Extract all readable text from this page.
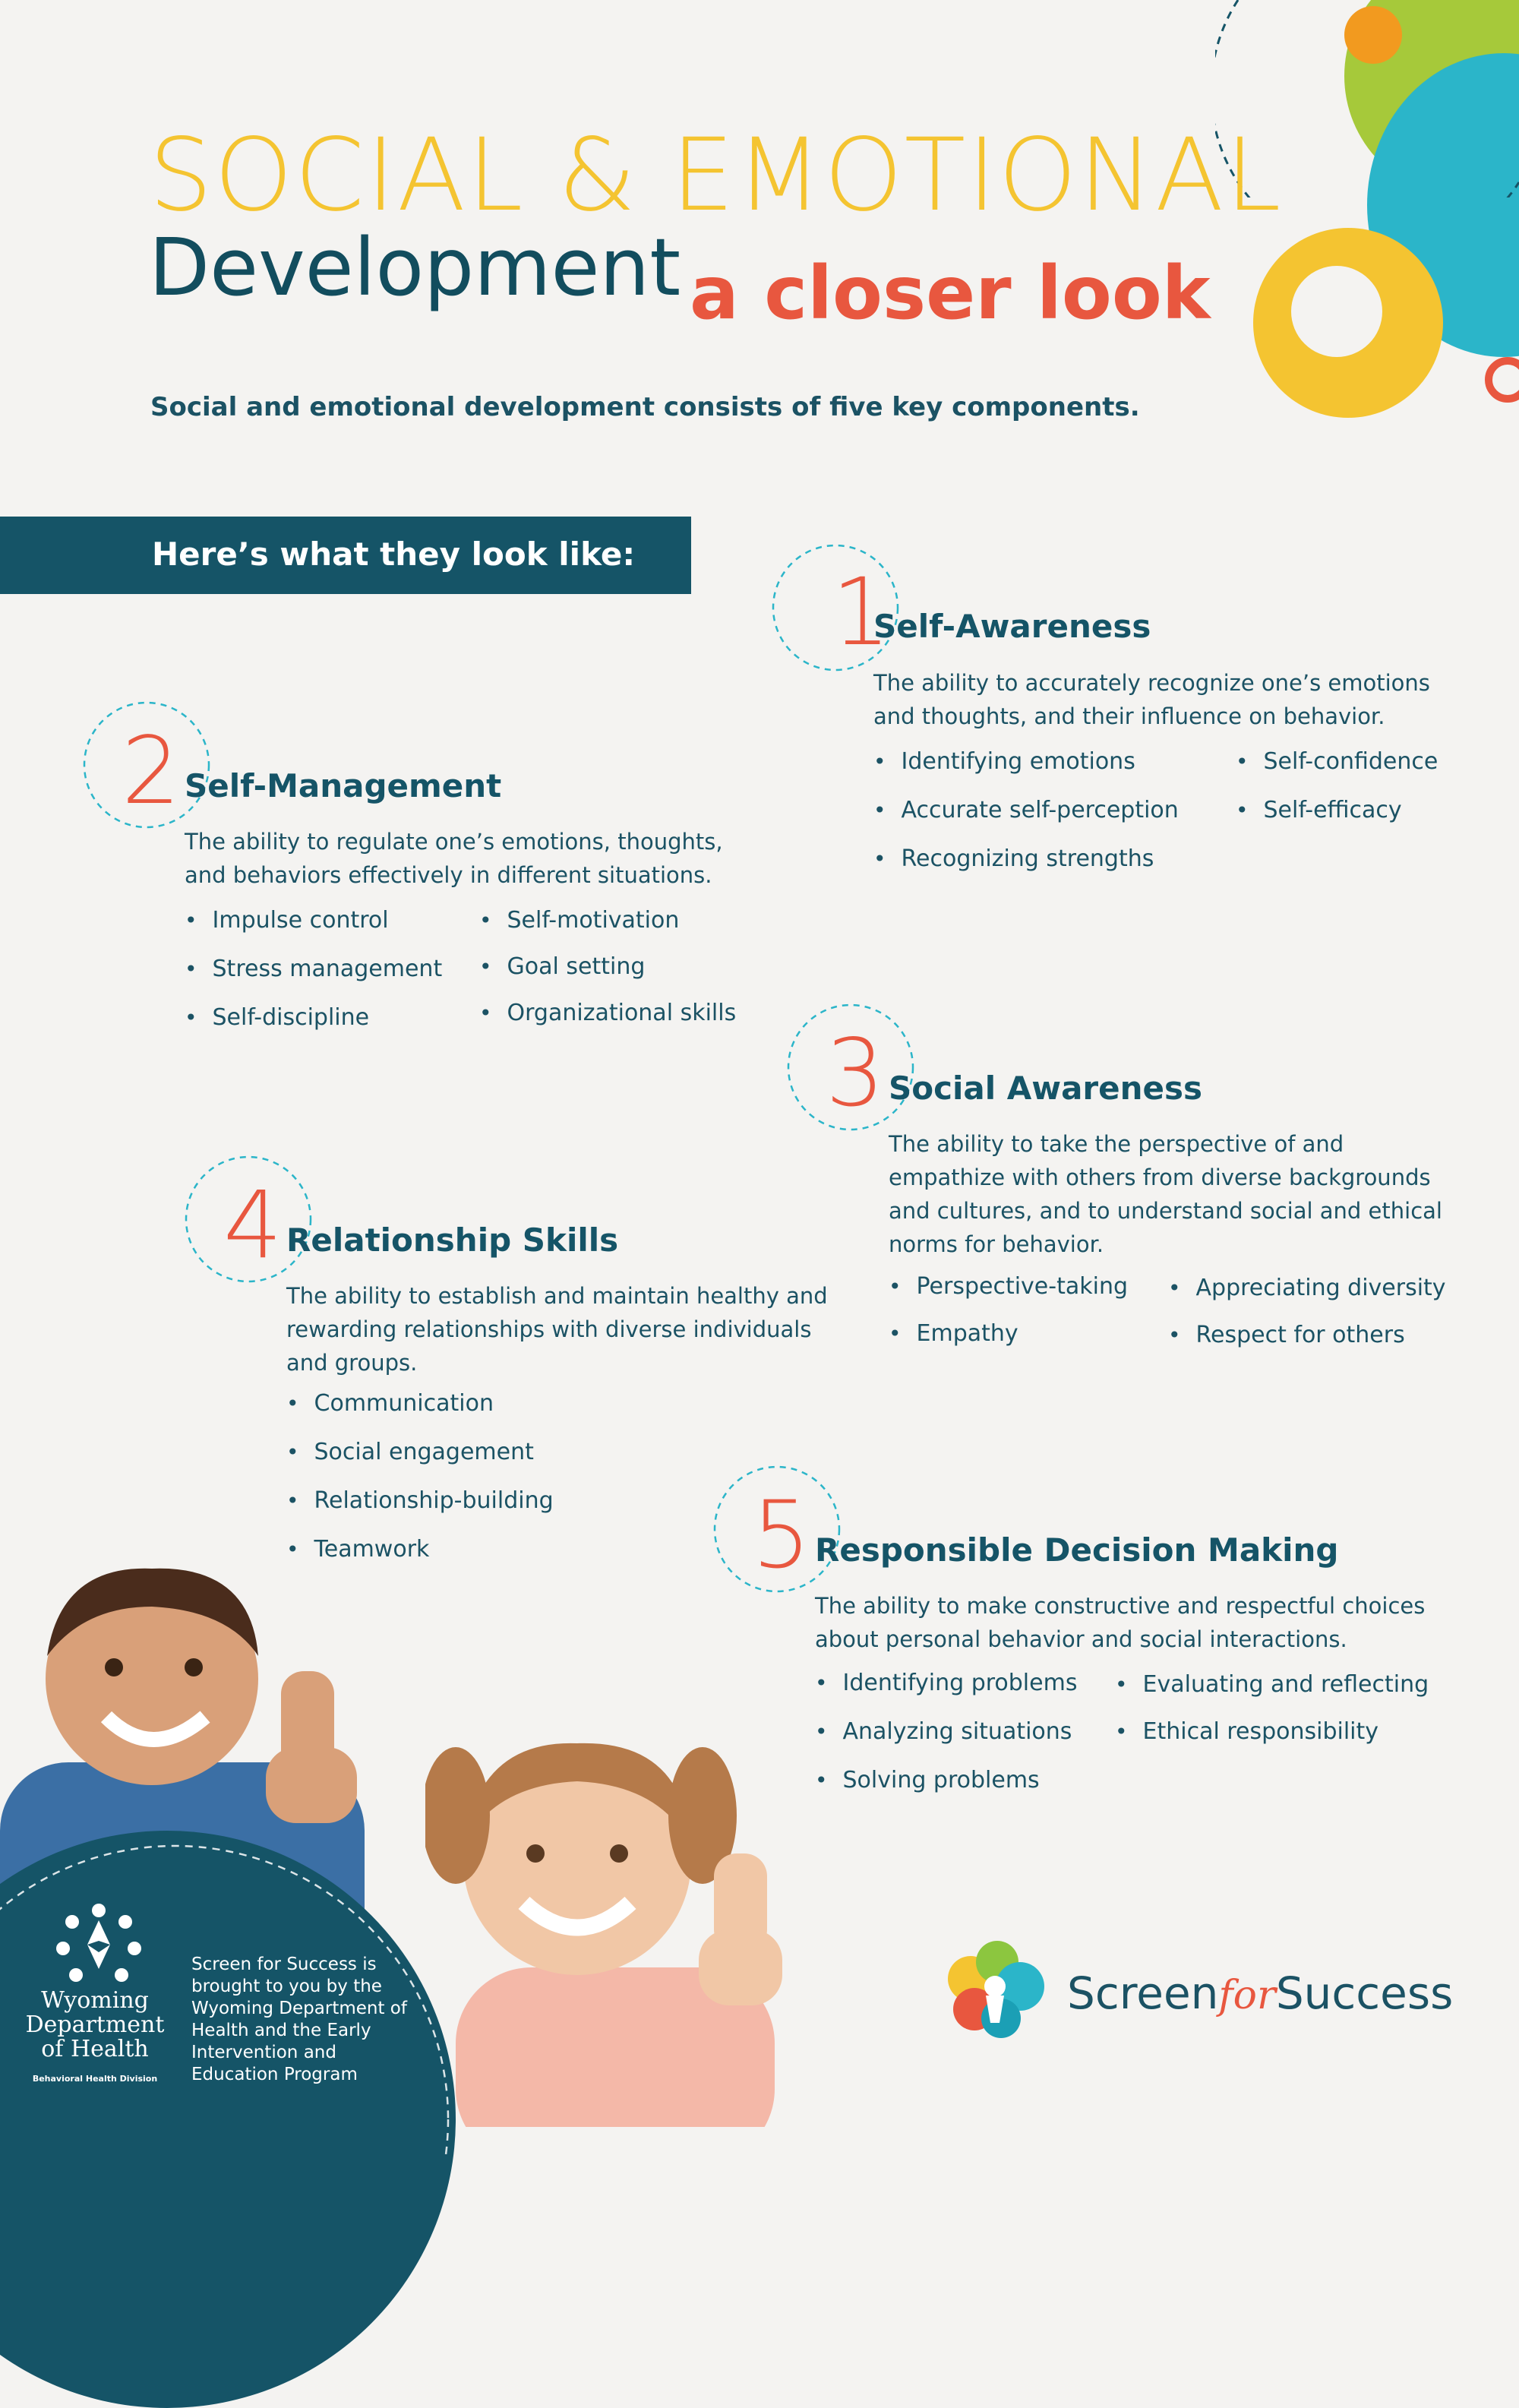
SOCIAL & EMOTIONAL
Development a closer look
Social and emotional development consists of five key components.
Here’s what they look like:
1
Self-Awareness
The ability to accurately recognize one’s emotions and thoughts, and their influence on behavior.
• Identifying emotions
• Accurate self-perception
• Recognizing strengths
• Self-confidence
• Self-efficacy
2 Self-Management
The ability to regulate one’s emotions, thoughts, and behaviors effectively in different situations.
• Impulse control
• Stress management
• Self-discipline
• Self-motivation
• Goal setting
• Organizational skills
3 Social Awareness
The ability to take the perspective of and empathize with others from diverse backgrounds and cultures, and to understand social and ethical norms for behavior.
• Perspective-taking
• Empathy
• Appreciating diversity
• Respect for others
4 Relationship Skills
The ability to establish and maintain healthy and rewarding relationships with diverse individuals and groups.
• Communication
• Social engagement
• Relationship-building
• Teamwork	5 Responsible Decision Making
The ability to make constructive and respectful choices about personal behavior and social interactions.
• Identifying problems
• Analyzing situations
• Solving problems
• Evaluating and reflecting
• Ethical responsibility
Wyoming
Department
of Health
Behavioral Health Division
Screen for Success is brought to you by the Wyoming Department of Health and the Early Intervention and Education Program
ScreenforSuccess
